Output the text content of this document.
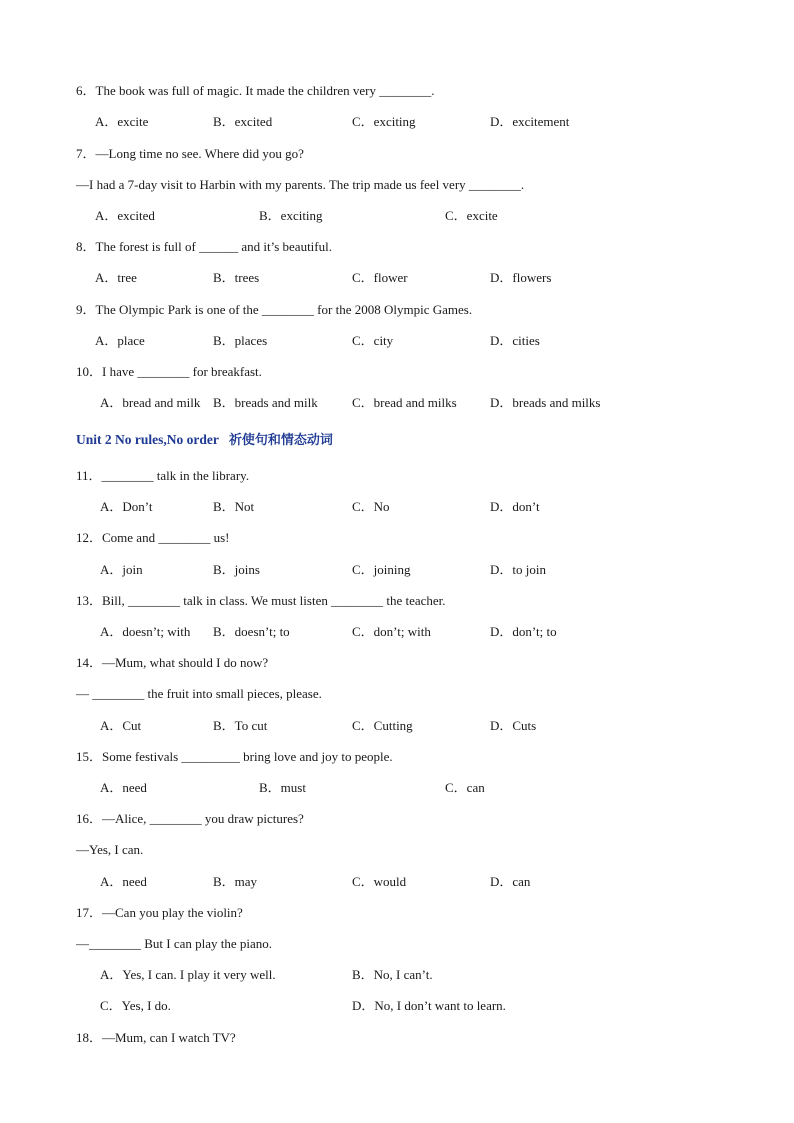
6．The book was full of magic. It made the children very ________.
A．excite	B．excited	C．exciting	D．excitement
7．—Long time no see. Where did you go?
—I had a 7-day visit to Harbin with my parents. The trip made us feel very ________.
A．excited	B．exciting	C．excite
8．The forest is full of ______ and it’s beautiful.
A．tree	B．trees	C．flower	D．flowers
9．The Olympic Park is one of the ________ for the 2008 Olympic Games.
A．place	B．places	C．city	D．cities
10．I have ________ for breakfast.
A．bread and milk B．breads and milk	C．bread and milks	D．breads and milks
Unit 2 No rules,No order 祈使句和情态动词
11．________ talk in the library.
A．Don’t	B．Not	C．No	D．don’t
12．Come and ________ us!
A．join	B．joins	C．joining	D．to join
13．Bill, ________ talk in class. We must listen ________ the teacher.
A．doesn’t; with B．doesn’t; to	C．don’t; with	D．don’t; to
14．—Mum, what should I do now?
— ________ the fruit into small pieces, please.
A．Cut	B．To cut	C．Cutting	D．Cuts
15．Some festivals _________ bring love and joy to people.
A．need	B．must	C．can
16．—Alice, ________ you draw pictures?
—Yes, I can.
A．need	B．may	C．would	D．can
17．—Can you play the violin?
—________ But I can play the piano.
A．Yes, I can. I play it very well.	B．No, I can’t.
C．Yes, I do.	D．No, I don’t want to learn.
18．—Mum, can I watch TV?
